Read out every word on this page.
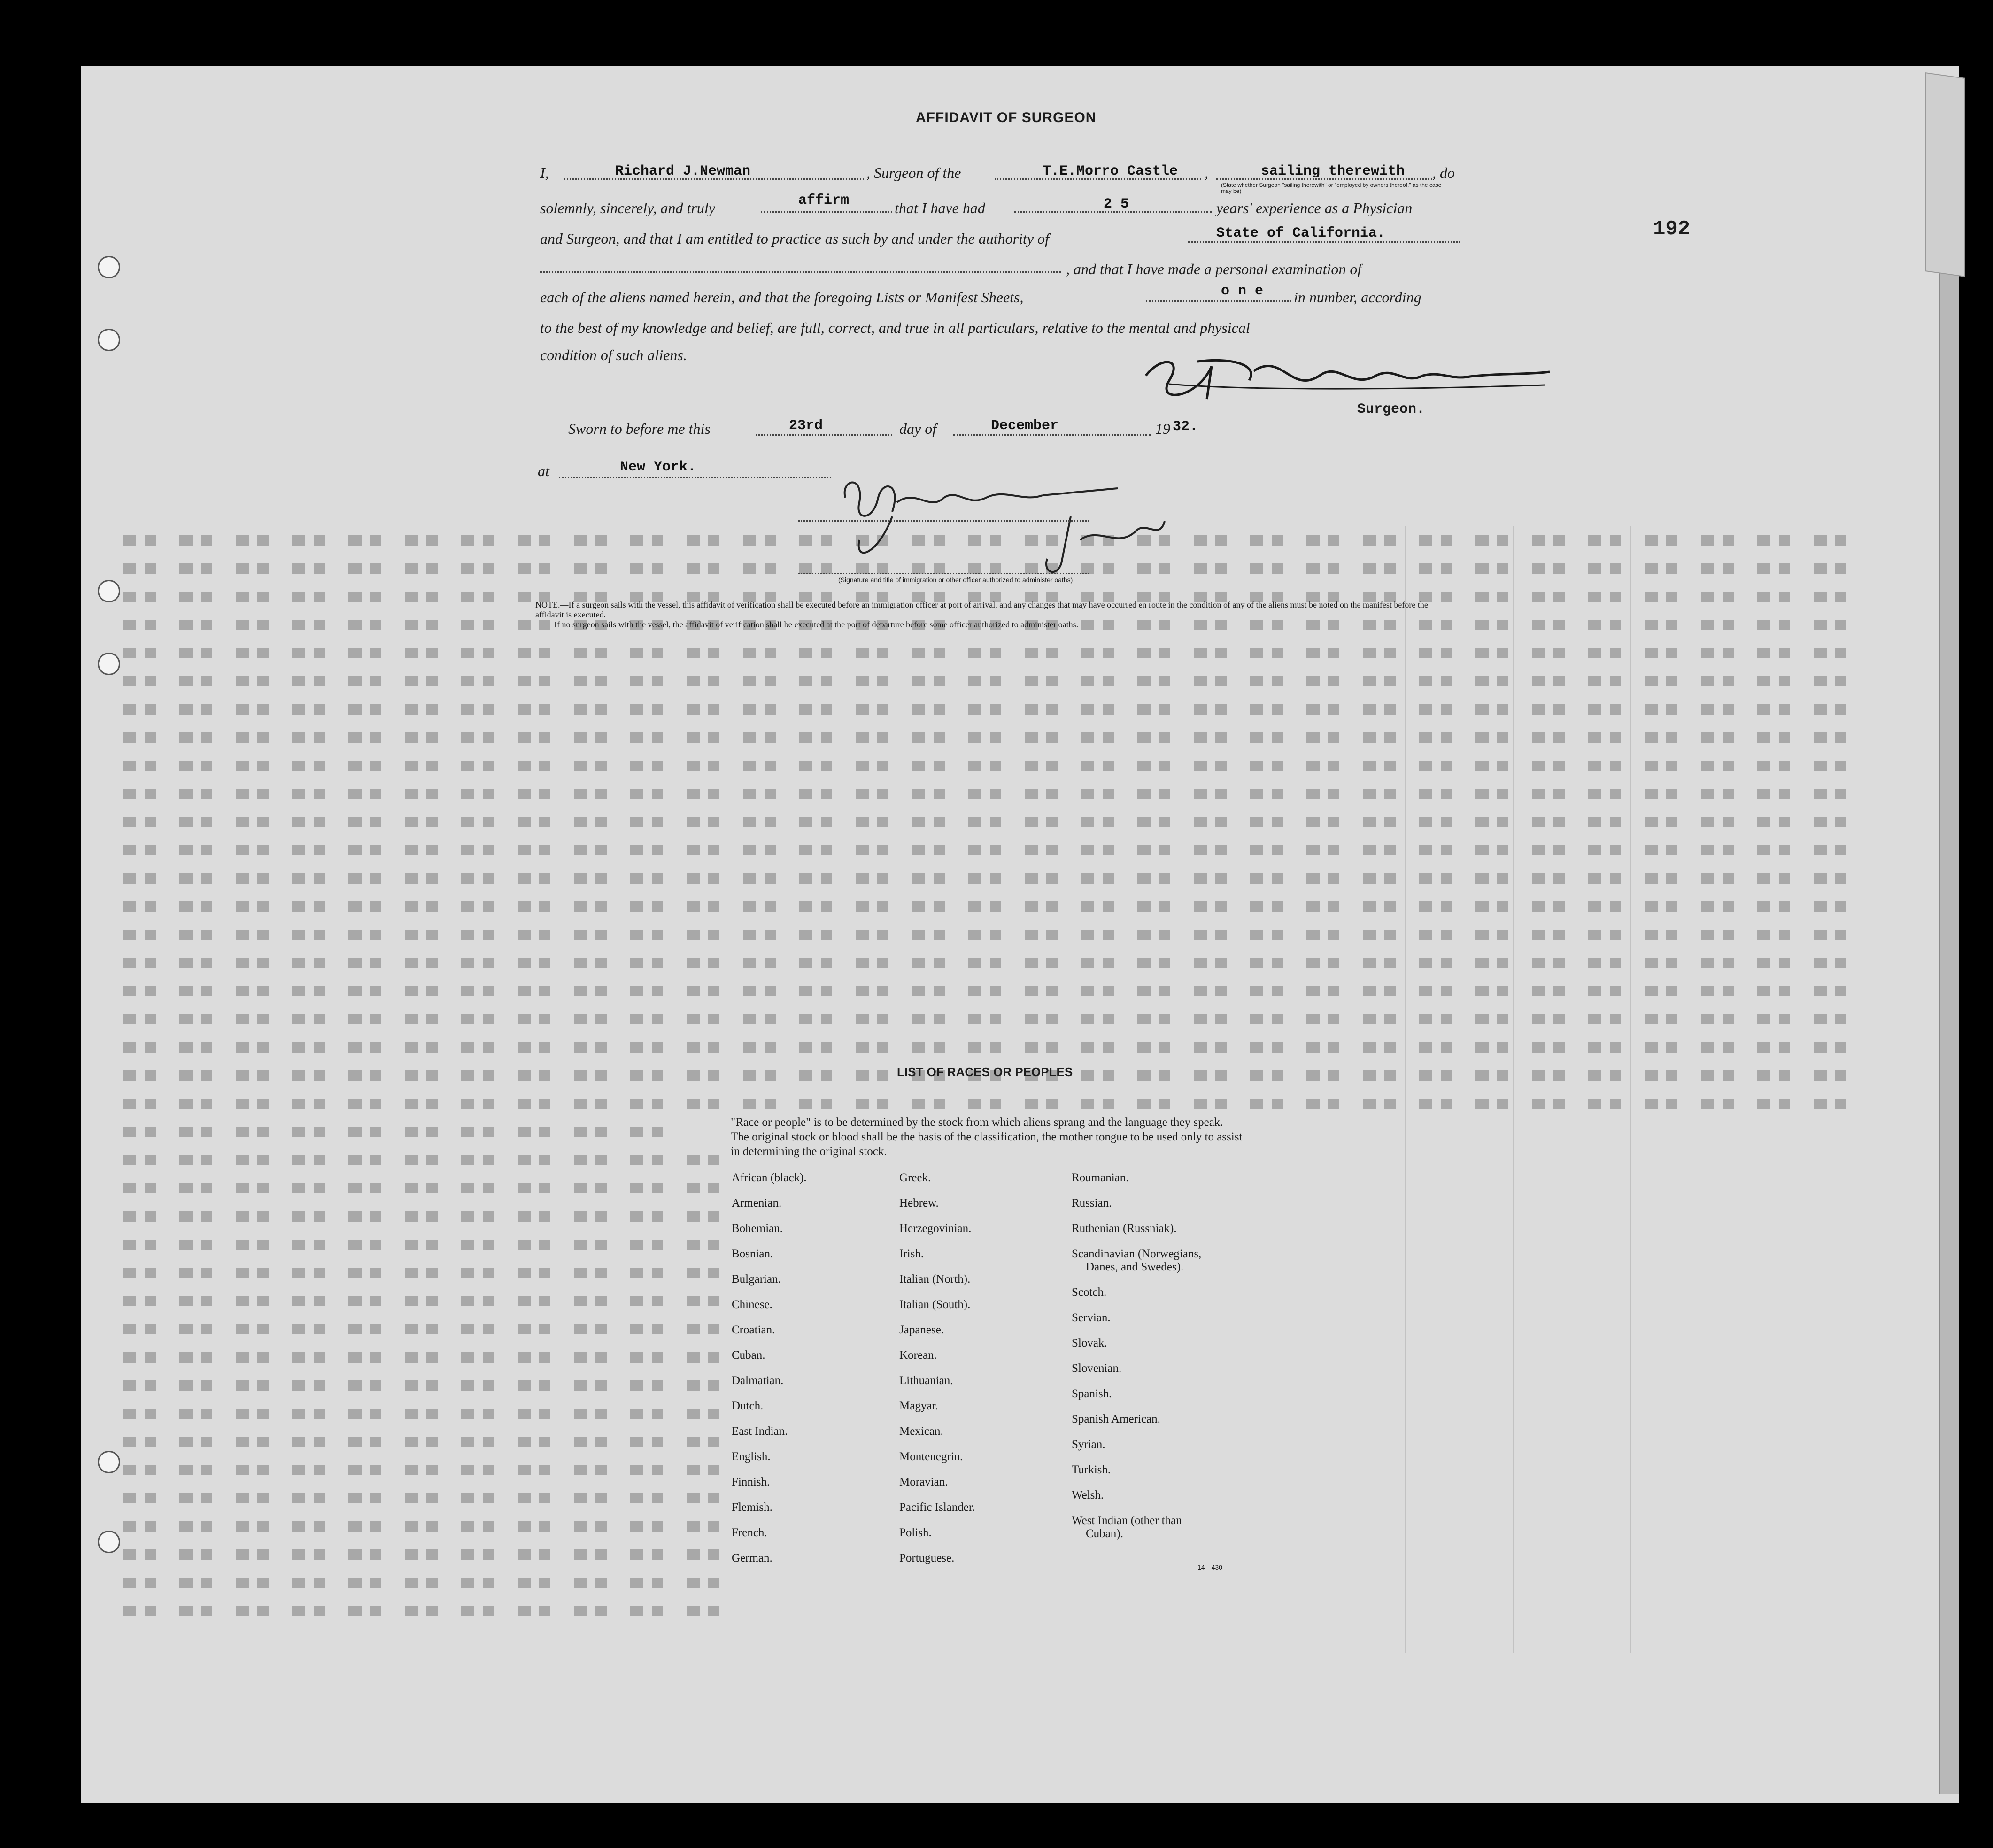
AFFIDAVIT OF SURGEON
I,	Richard J.Newman	, Surgeon of the	T.E.Morro Castle ,	sailing therewith , do
(State whether Surgeon "sailing therewith" or "employed by owners thereof," as the case may be)
solemnly, sincerely, and truly	affirm	that I have had	2 5	years' experience as a Physician
and Surgeon, and that I am entitled to practice as such by and under the authority of	State of California.
, and that I have made a personal examination of
each of the aliens named herein, and that the foregoing Lists or Manifest Sheets,	o n e in number, according
to the best of my knowledge and belief, are full, correct, and true in all particulars, relative to the mental and physical
condition of such aliens.
192
Surgeon.
Sworn to before me this	23rd	day of	December	19 32.
at	New York.
(Signature and title of immigration or other officer authorized to administer oaths)
NOTE.—If a surgeon sails with the vessel, this affidavit of verification shall be executed before an immigration officer at port of arrival, and any changes that may have occurred en route in the condition of any of the aliens must be noted on the manifest before the affidavit is executed.
If no surgeon sails with the vessel, the affidavit of verification shall be executed at the port of departure before some officer authorized to administer oaths.
LIST OF RACES OR PEOPLES
"Race or people" is to be determined by the stock from which aliens sprang and the language they speak. The original stock or blood shall be the basis of the classification, the mother tongue to be used only to assist in determining the original stock.
African (black).
Armenian.
Bohemian.
Bosnian.
Bulgarian.
Chinese.
Croatian.
Cuban.
Dalmatian.
Dutch.
East Indian.
English.
Finnish.
Flemish.
French.
German.
Greek.
Hebrew.
Herzegovinian.
Irish.
Italian (North).
Italian (South).
Japanese.
Korean.
Lithuanian.
Magyar.
Mexican.
Montenegrin.
Moravian.
Pacific Islander.
Polish.
Portuguese.
Roumanian.
Russian.
Ruthenian (Russniak).
Scandinavian (Norwegians,
Danes, and Swedes).
Scotch.
Servian.
Slovak.
Slovenian.
Spanish.
Spanish American.
Syrian.
Turkish.
Welsh.
West Indian (other than
Cuban).
14—430
